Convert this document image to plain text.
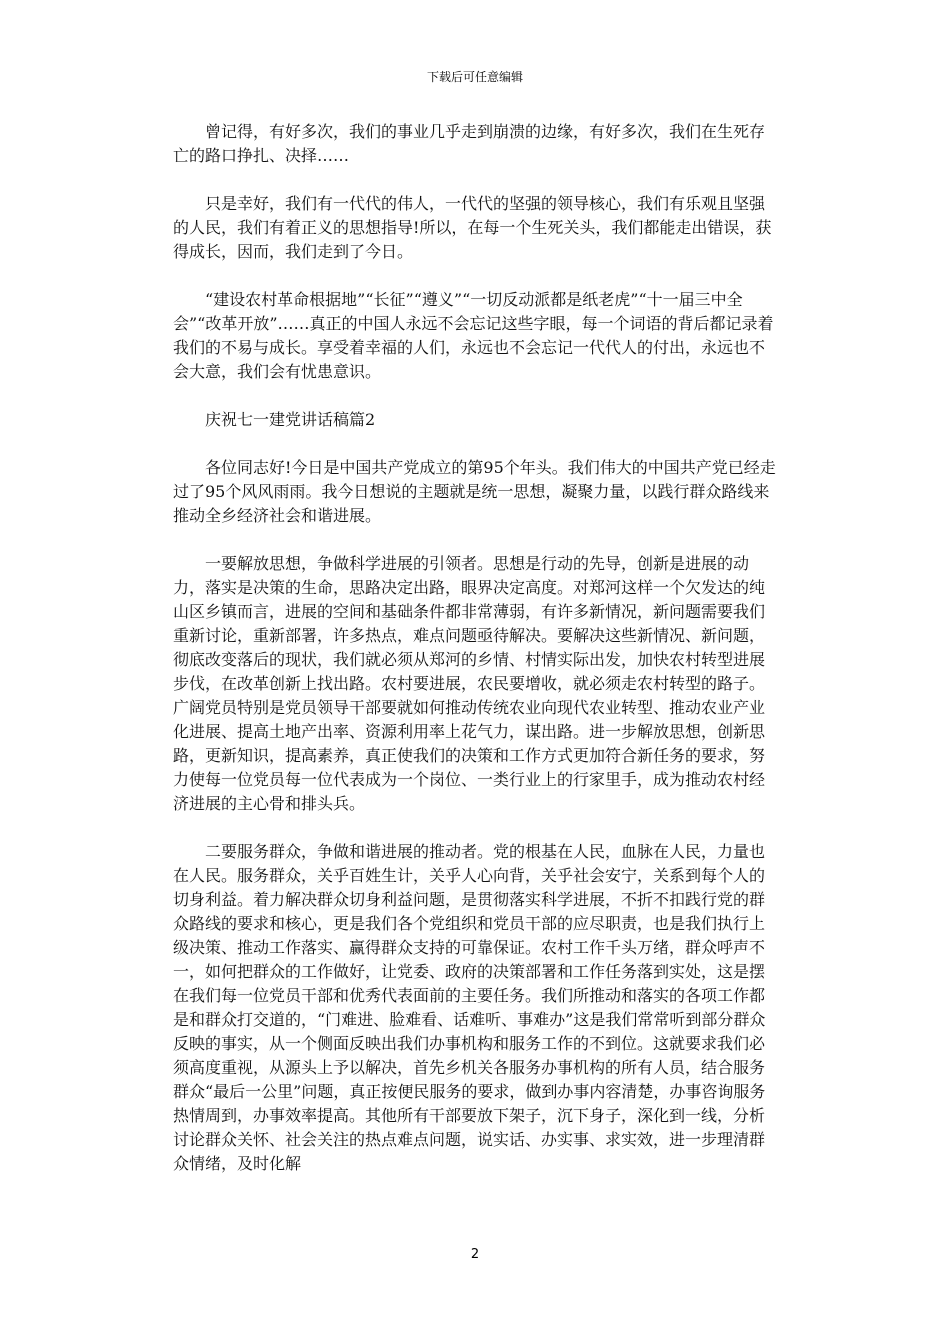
下载后可任意编辑

曾记得，有好多次，我们的事业几乎走到崩溃的边缘，有好多次，我们在生死存亡的路口挣扎、决择……

只是幸好，我们有一代代的伟人，一代代的坚强的领导核心，我们有乐观且坚强的人民，我们有着正义的思想指导!所以，在每一个生死关头，我们都能走出错误，获得成长，因而，我们走到了今日。

“建设农村革命根据地”“长征”“遵义”“一切反动派都是纸老虎”“十一届三中全会”“改革开放”……真正的中国人永远不会忘记这些字眼，每一个词语的背后都记录着我们的不易与成长。享受着幸福的人们，永远也不会忘记一代代人的付出，永远也不会大意，我们会有忧患意识。

庆祝七一建党讲话稿篇2

各位同志好!今日是中国共产党成立的第95个年头。我们伟大的中国共产党已经走过了95个风风雨雨。我今日想说的主题就是统一思想，凝聚力量，以践行群众路线来推动全乡经济社会和谐进展。

一要解放思想，争做科学进展的引领者。思想是行动的先导，创新是进展的动力，落实是决策的生命，思路决定出路，眼界决定高度。对郑河这样一个欠发达的纯山区乡镇而言，进展的空间和基础条件都非常薄弱，有许多新情况，新问题需要我们重新讨论，重新部署，许多热点，难点问题亟待解决。要解决这些新情况、新问题，彻底改变落后的现状，我们就必须从郑河的乡情、村情实际出发，加快农村转型进展步伐，在改革创新上找出路。农村要进展，农民要增收，就必须走农村转型的路子。广阔党员特别是党员领导干部要就如何推动传统农业向现代农业转型、推动农业产业化进展、提高土地产出率、资源利用率上花气力，谋出路。进一步解放思想，创新思路，更新知识，提高素养，真正使我们的决策和工作方式更加符合新任务的要求，努力使每一位党员每一位代表成为一个岗位、一类行业上的行家里手，成为推动农村经济进展的主心骨和排头兵。

二要服务群众，争做和谐进展的推动者。党的根基在人民，血脉在人民，力量也在人民。服务群众，关乎百姓生计，关乎人心向背，关乎社会安宁，关系到每个人的切身利益。着力解决群众切身利益问题，是贯彻落实科学进展，不折不扣践行党的群众路线的要求和核心，更是我们各个党组织和党员干部的应尽职责，也是我们执行上级决策、推动工作落实、赢得群众支持的可靠保证。农村工作千头万绪，群众呼声不一，如何把群众的工作做好，让党委、政府的决策部署和工作任务落到实处，这是摆在我们每一位党员干部和优秀代表面前的主要任务。我们所推动和落实的各项工作都是和群众打交道的，“门难进、脸难看、话难听、事难办”这是我们常常听到部分群众反映的事实，从一个侧面反映出我们办事机构和服务工作的不到位。这就要求我们必须高度重视，从源头上予以解决，首先乡机关各服务办事机构的所有人员，结合服务群众“最后一公里”问题，真正按便民服务的要求，做到办事内容清楚，办事咨询服务热情周到，办事效率提高。其他所有干部要放下架子，沉下身子，深化到一线，分析讨论群众关怀、社会关注的热点难点问题，说实话、办实事、求实效，进一步理清群众情绪，及时化解

2
